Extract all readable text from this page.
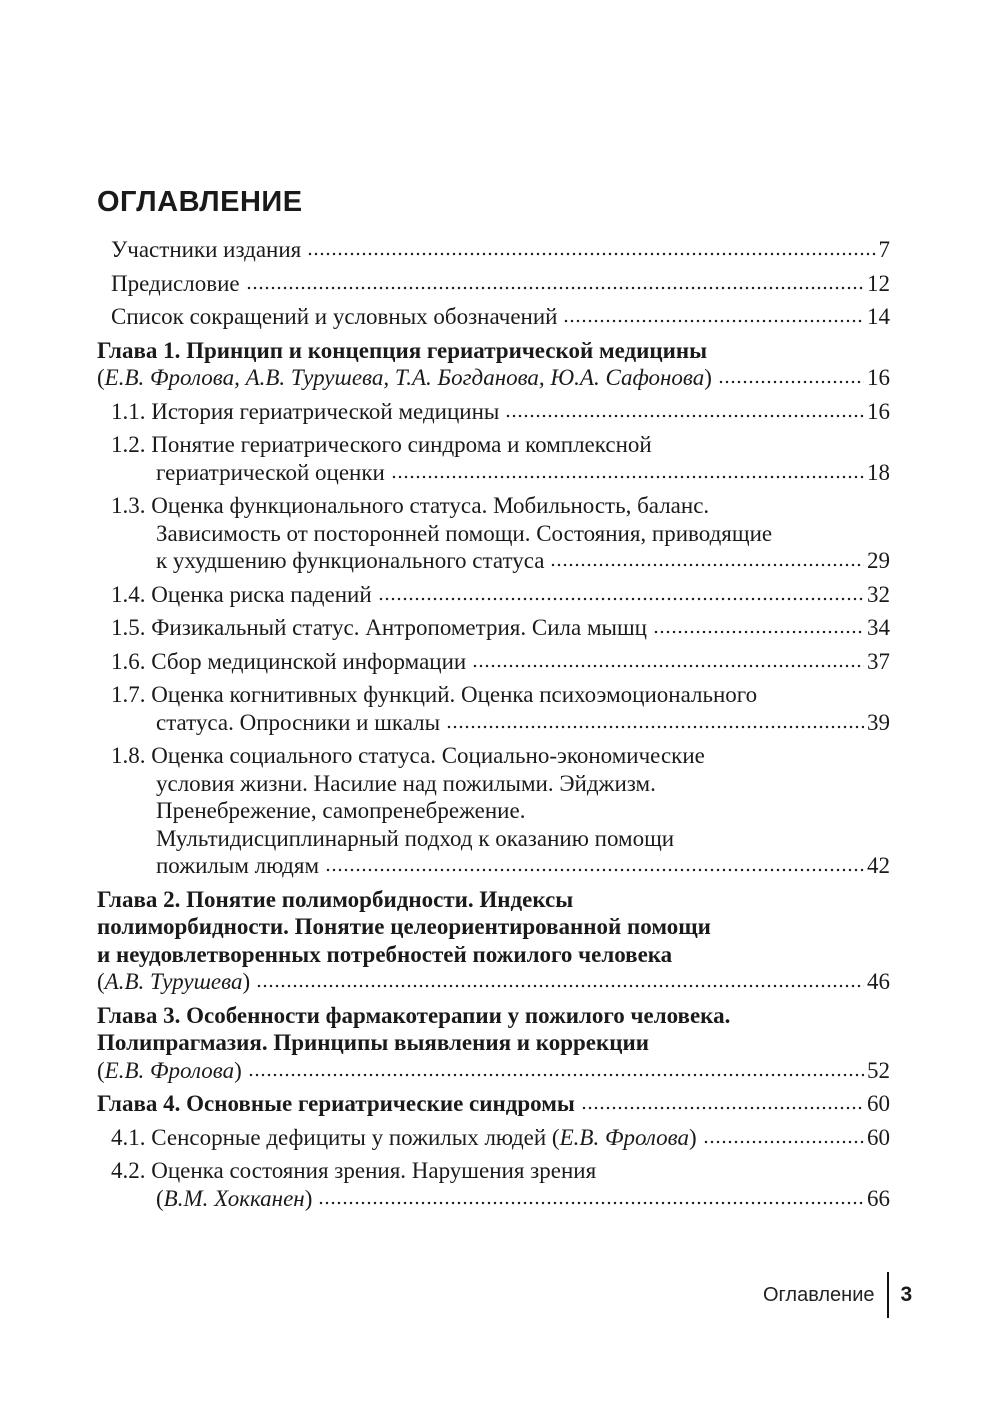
ОГЛАВЛЕНИЕ
Участники издания	7
Предисловие	12
Список сокращений и условных обозначений	14
Глава 1. Принцип и концепция гериатрической медицины
(Е.В. Фролова, А.В. Турушева, Т.А. Богданова, Ю.А. Сафонова)	16
1.1. История гериатрической медицины	16
1.2. Понятие гериатрического синдрома и комплексной
гериатрической оценки	18
1.3. Оценка функционального статуса. Мобильность, баланс.
Зависимость от посторонней помощи. Состояния, приводящие
к ухудшению функционального статуса	29
1.4. Оценка риска падений	32
1.5. Физикальный статус. Антропометрия. Сила мышц	34
1.6. Сбор медицинской информации	37
1.7. Оценка когнитивных функций. Оценка психоэмоционального
статуса. Опросники и шкалы	39
1.8. Оценка социального статуса. Социально-экономические
условия жизни. Насилие над пожилыми. Эйджизм.
Пренебрежение, самопренебрежение.
Мультидисциплинарный подход к оказанию помощи
пожилым людям	42
Глава 2. Понятие полиморбидности. Индексы
полиморбидности. Понятие целеориентированной помощи
и неудовлетворенных потребностей пожилого человека
(А.В. Турушева)	46
Глава 3. Особенности фармакотерапии у пожилого человека.
Полипрагмазия. Принципы выявления и коррекции
(Е.В. Фролова)	52
Глава 4. Основные гериатрические синдромы	60
4.1. Сенсорные дефициты у пожилых людей (Е.В. Фролова)	60
4.2. Оценка состояния зрения. Нарушения зрения
(В.М. Хокканен)	66
Оглавление 3
